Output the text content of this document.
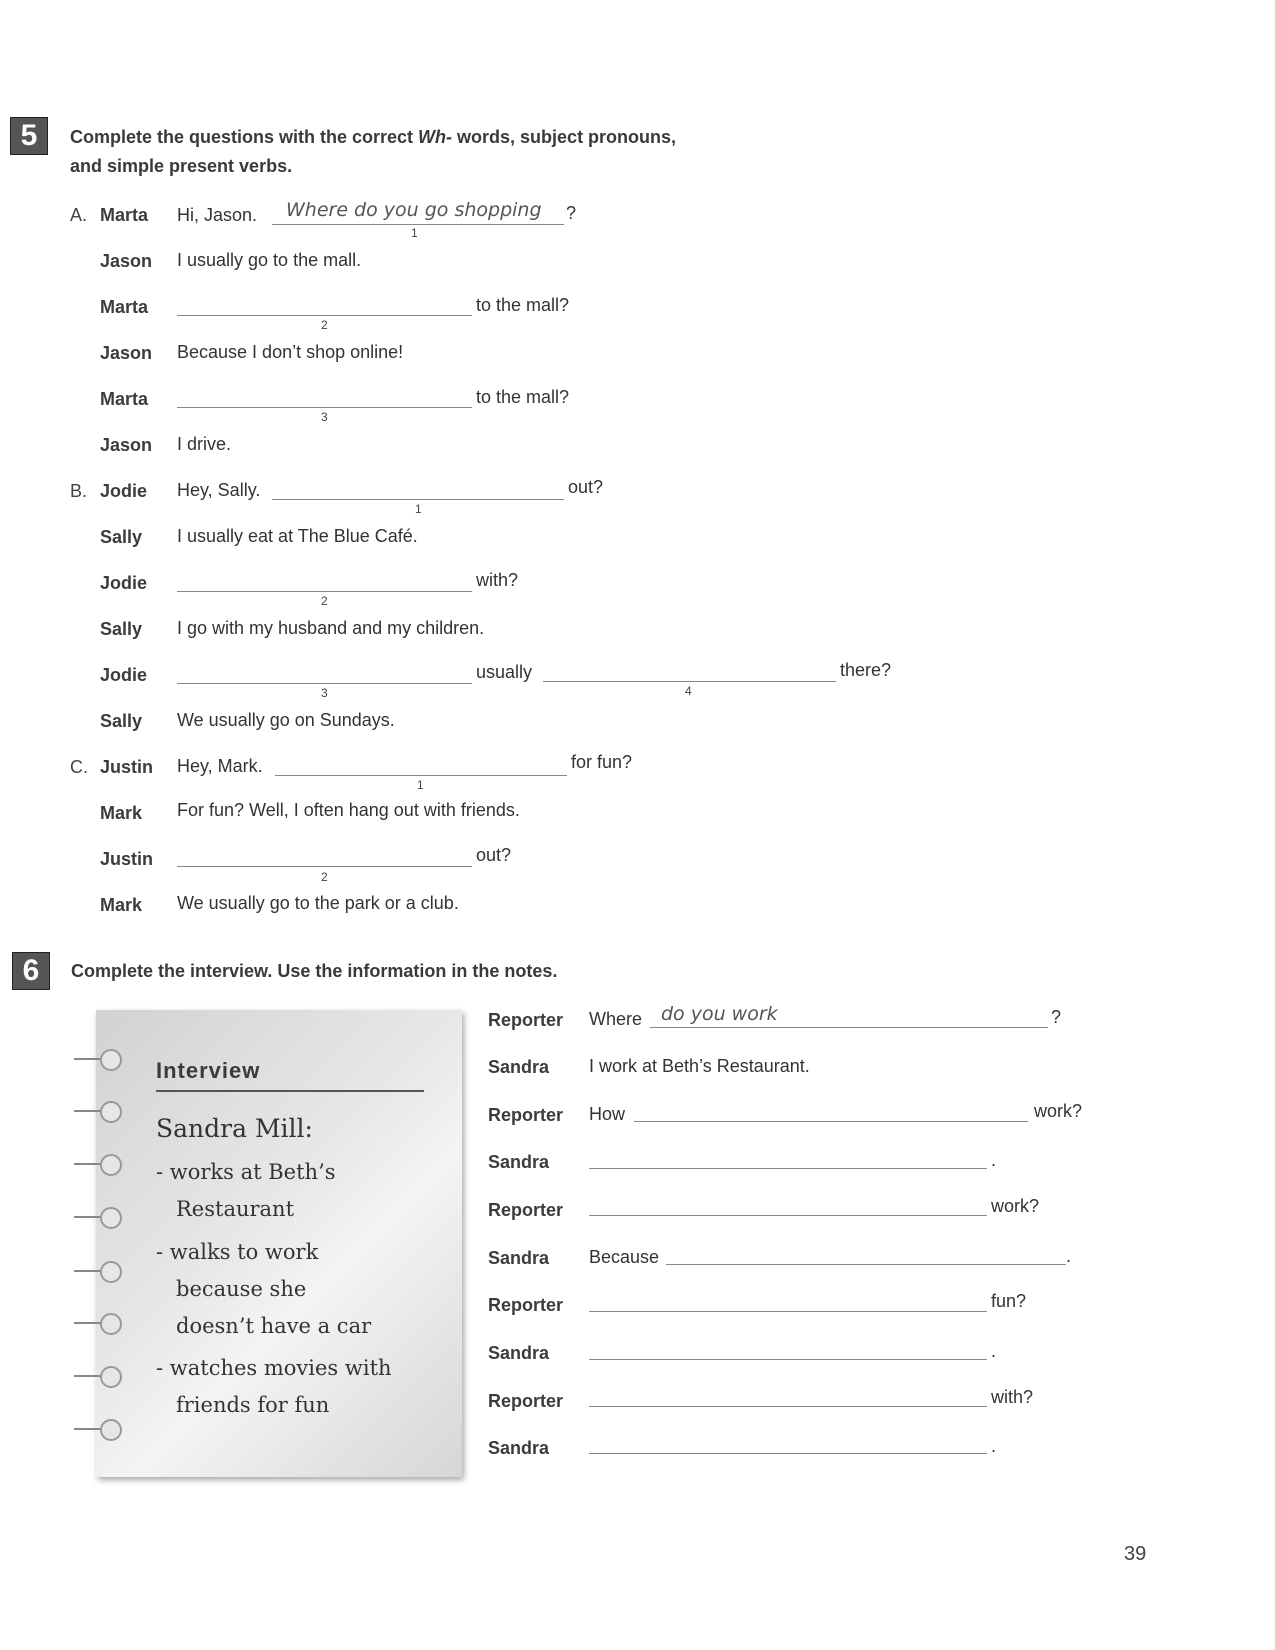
5	Complete the questions with the correct Wh- words, subject pronouns,
and simple present verbs.
A. Marta Hi, Jason. Where do you go shopping ?
1
Jason I usually go to the mall.
Marta	to the mall?
2
Jason Because I don’t shop online!
Marta	to the mall?
3
Jason I drive.
B. Jodie Hey, Sally.	out?
1
Sally I usually eat at The Blue Café.
Jodie	with?
2
Sally I go with my husband and my children.
Jodie	usually	there?
3	4
Sally We usually go on Sundays.
C. Justin Hey, Mark.	for fun?
1
Mark For fun? Well, I often hang out with friends.
Justin	out?
2
Mark We usually go to the park or a club.
6	Complete the interview. Use the information in the notes.
Interview
Sandra Mill:
- works at Beth’s
Restaurant
- walks to work
because she
doesn’t have a car
- watches movies with
friends for fun
Reporter Where do you work	?
Sandra I work at Beth’s Restaurant.
Reporter How	work?
Sandra	.
Reporter	work?
Sandra Because	.
Reporter	fun?
Sandra	.
Reporter	with?
Sandra	.
39
